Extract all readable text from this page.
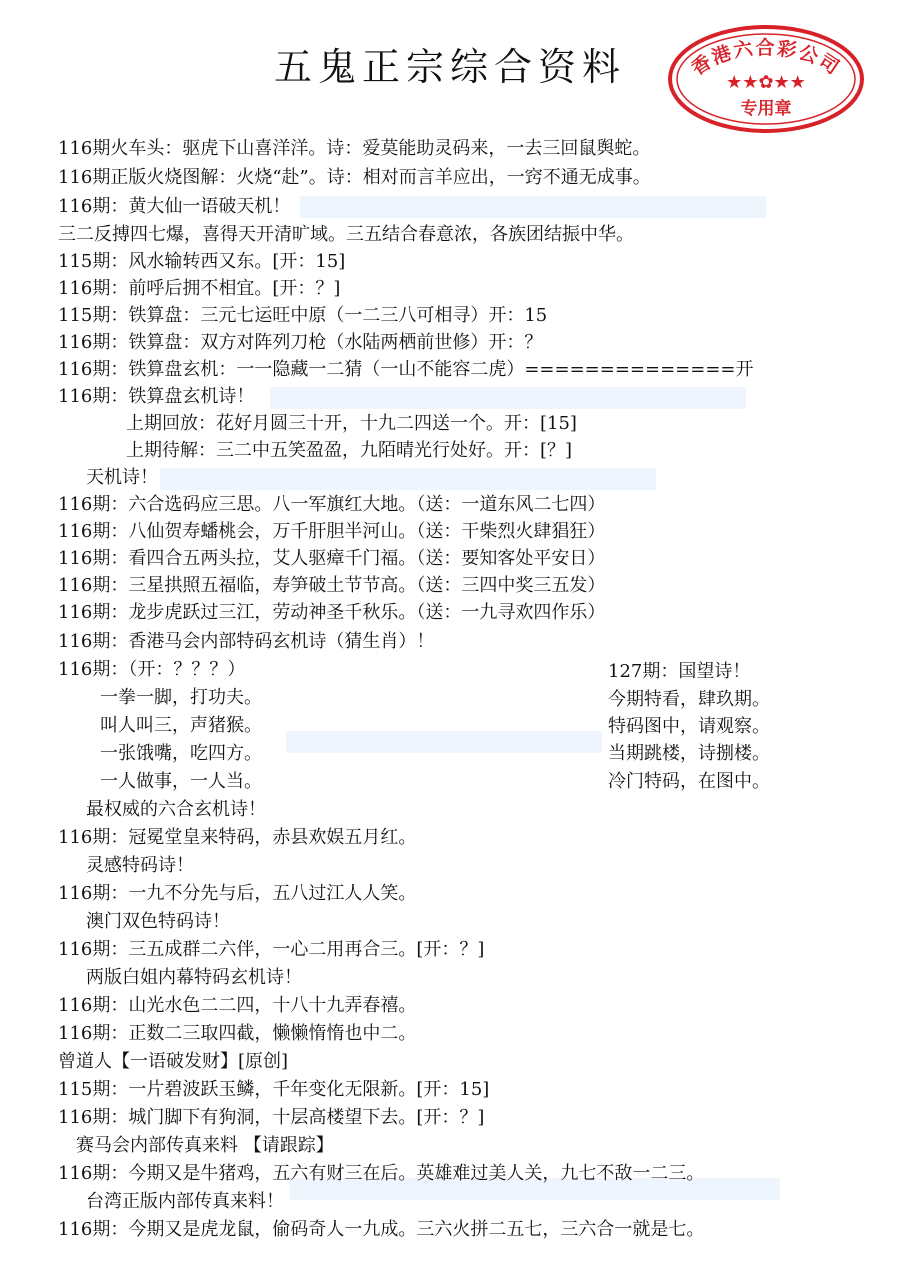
五鬼正宗综合资料	香港六合彩公司
★★✿★★
专用章
116期火车头：驱虎下山喜洋洋。诗：爱莫能助灵码来，一去三回鼠舆蛇。
116期正版火烧图解：火烧“赴”。诗：相对而言羊应出，一窍不通无成事。
116期：黄大仙一语破天机！
三二反搏四七爆，喜得天开清旷域。三五结合春意浓，各族团结振中华。
115期：风水输转西又东。[开：15]
116期：前呼后拥不相宜。[开：？]
115期：铁算盘：三元七运旺中原（一二三八可相寻）开：15
116期：铁算盘：双方对阵列刀枪（水陆两栖前世修）开：？
116期：铁算盘玄机：一一隐藏一二猜（一山不能容二虎）==============开
116期：铁算盘玄机诗！
上期回放：花好月圆三十开，十九二四送一个。开：[15]
上期待解：三二中五笑盈盈，九陌晴光行处好。开：[？]
天机诗！
116期：六合选码应三思。八一军旗红大地。（送：一道东风二七四）
116期：八仙贺寿蟠桃会，万千肝胆半河山。（送：干柴烈火肆猖狂）
116期：看四合五两头拉，艾人驱瘴千门福。（送：要知客处平安日）
116期：三星拱照五福临，寿笋破土节节高。（送：三四中奖三五发）
116期：龙步虎跃过三江，劳动神圣千秋乐。（送：一九寻欢四作乐）
116期：香港马会内部特码玄机诗（猜生肖）！
116期：（开：？？？）
一拳一脚，打功夫。
叫人叫三，声猪猴。
一张饿嘴，吃四方。
一人做事，一人当。
127期：国望诗！
今期特看，肆玖期。
特码图中，请观察。
当期跳楼，诗捌楼。
冷门特码，在图中。
最权威的六合玄机诗！
116期：冠冕堂皇来特码，赤县欢娱五月红。
灵感特码诗！
116期：一九不分先与后，五八过江人人笑。
澳门双色特码诗！
116期：三五成群二六伴，一心二用再合三。[开：？]
两版白姐内幕特码玄机诗！
116期：山光水色二二四，十八十九弄春禧。
116期：正数二三取四截，懒懒惰惰也中二。
曾道人【一语破发财】[原创]
115期：一片碧波跃玉鳞，千年变化无限新。[开：15]
116期：城门脚下有狗洞，十层高楼望下去。[开：？]
赛马会内部传真来料 【请跟踪】
116期：今期又是牛猪鸡，五六有财三在后。英雄难过美人关，九七不敌一二三。
台湾正版内部传真来料！
116期：今期又是虎龙鼠，偷码奇人一九成。三六火拼二五七，三六合一就是七。
